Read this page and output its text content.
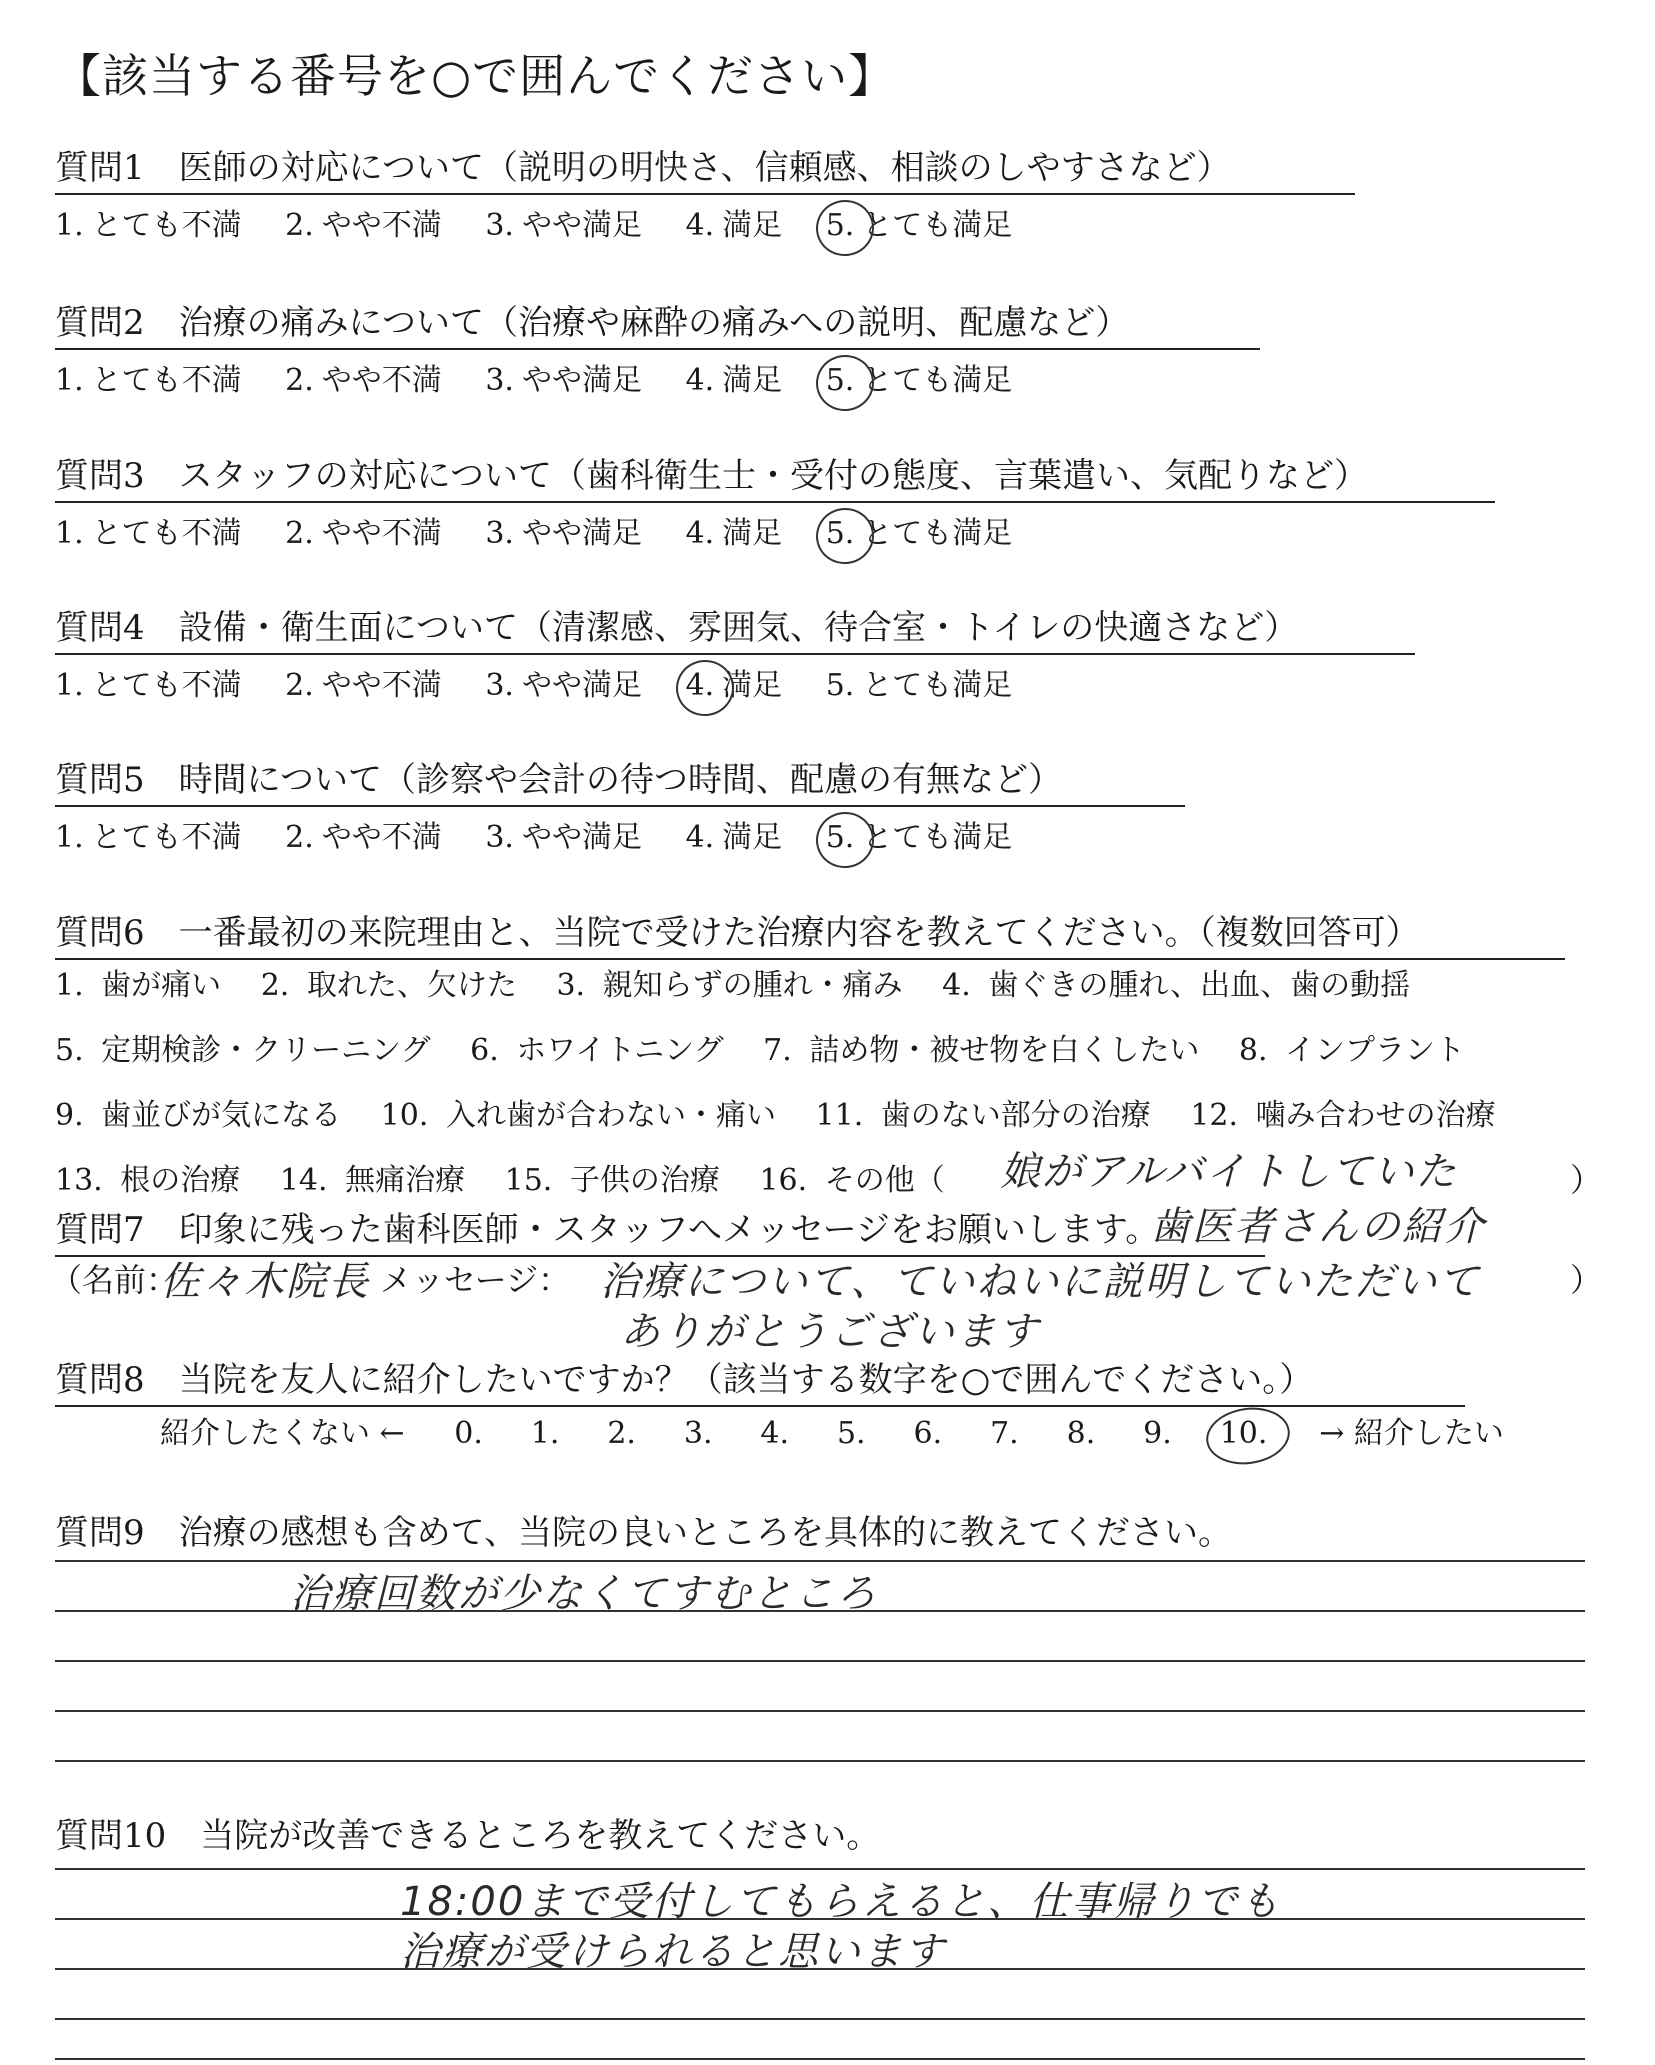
【該当する番号を○で囲んでください】
質問1　医師の対応について（説明の明快さ、信頼感、相談のしやすさなど）
1. とても不満 2. やや不満 3. やや満足 4. 満足 5. とても満足
質問2　治療の痛みについて（治療や麻酔の痛みへの説明、配慮など）
1. とても不満 2. やや不満 3. やや満足 4. 満足 5. とても満足
質問3　スタッフの対応について（歯科衛生士・受付の態度、言葉遣い、気配りなど）
1. とても不満 2. やや不満 3. やや満足 4. 満足 5. とても満足
質問4　設備・衛生面について（清潔感、雰囲気、待合室・トイレの快適さなど）
1. とても不満 2. やや不満 3. やや満足 4. 満足 5. とても満足
質問5　時間について（診察や会計の待つ時間、配慮の有無など）
1. とても不満 2. やや不満 3. やや満足 4. 満足 5. とても満足
質問6　一番最初の来院理由と、当院で受けた治療内容を教えてください。（複数回答可）
1. 歯が痛い 2. 取れた、欠けた 3. 親知らずの腫れ・痛み 4. 歯ぐきの腫れ、出血、歯の動揺
5. 定期検診・クリーニング 6. ホワイトニング 7. 詰め物・被せ物を白くしたい 8. インプラント
9. 歯並びが気になる 10. 入れ歯が合わない・痛い 11. 歯のない部分の治療 12. 噛み合わせの治療
13. 根の治療 14. 無痛治療 15. 子供の治療 16. その他（	）
娘がアルバイトしていた
歯医者さんの紹介
質問7　印象に残った歯科医師・スタッフへメッセージをお願いします。
（名前：
佐々木院長 メッセージ： 治療について、ていねいに説明していただいて
ありがとうございます
）
質問8　当院を友人に紹介したいですか？（該当する数字を○で囲んでください。）
紹介したくない ← 0. 1. 2. 3. 4. 5. 6. 7. 8. 9. 10. → 紹介したい
質問9　治療の感想も含めて、当院の良いところを具体的に教えてください。
治療回数が少なくてすむところ
質問10　当院が改善できるところを教えてください。
18:00まで受付してもらえると、仕事帰りでも
治療が受けられると思います
